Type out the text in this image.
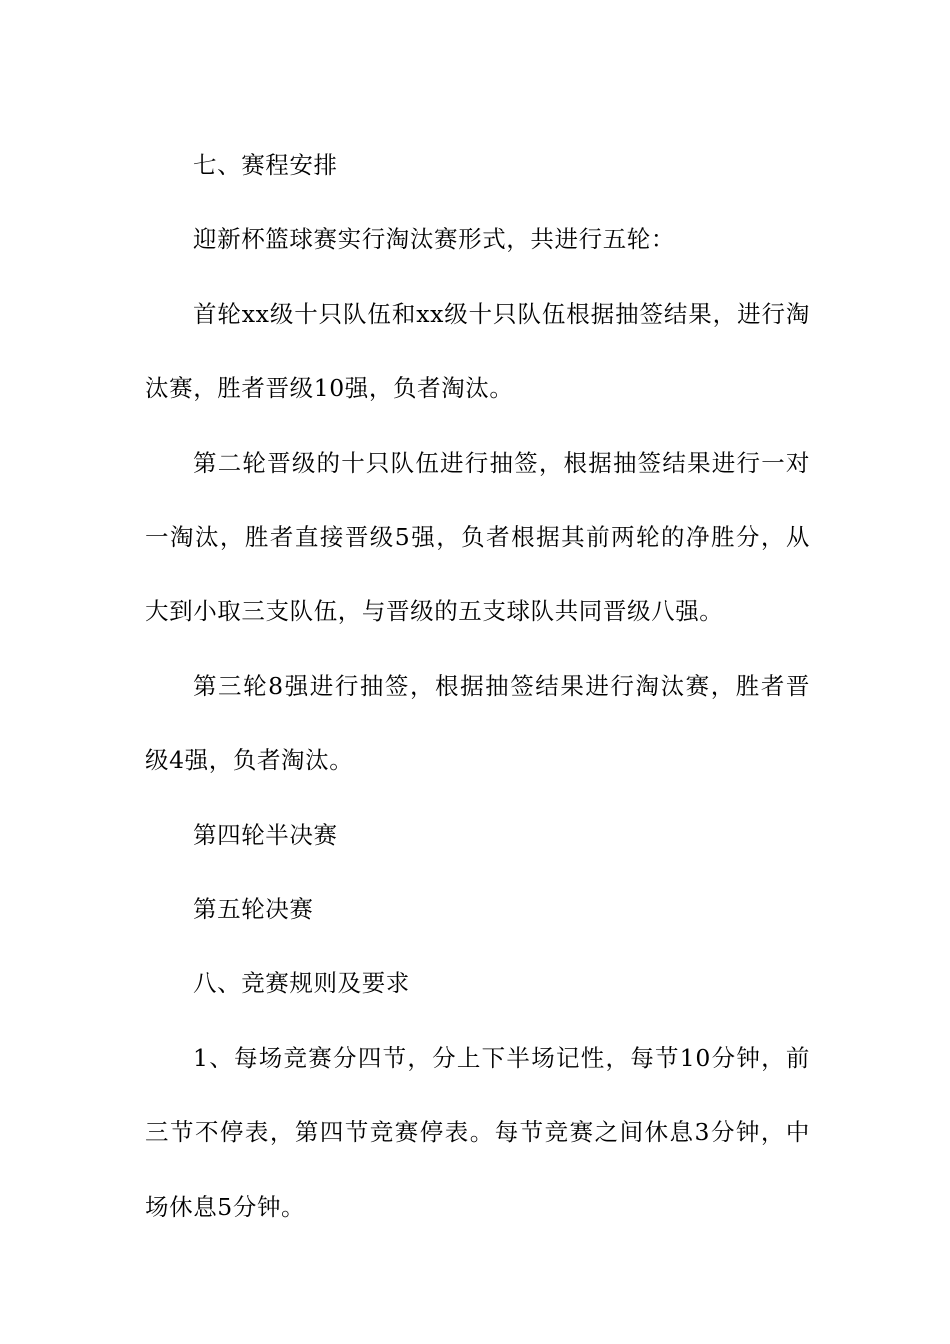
七、赛程安排

迎新杯篮球赛实行淘汰赛形式，共进行五轮：

首轮xx级十只队伍和xx级十只队伍根据抽签结果，进行淘汰赛，胜者晋级10强，负者淘汰。

第二轮晋级的十只队伍进行抽签，根据抽签结果进行一对一淘汰，胜者直接晋级5强，负者根据其前两轮的净胜分，从大到小取三支队伍，与晋级的五支球队共同晋级八强。

第三轮8强进行抽签，根据抽签结果进行淘汰赛，胜者晋级4强，负者淘汰。

第四轮半决赛

第五轮决赛

八、竞赛规则及要求

1、每场竞赛分四节，分上下半场记性，每节10分钟，前三节不停表，第四节竞赛停表。每节竞赛之间休息3分钟，中场休息5分钟。
